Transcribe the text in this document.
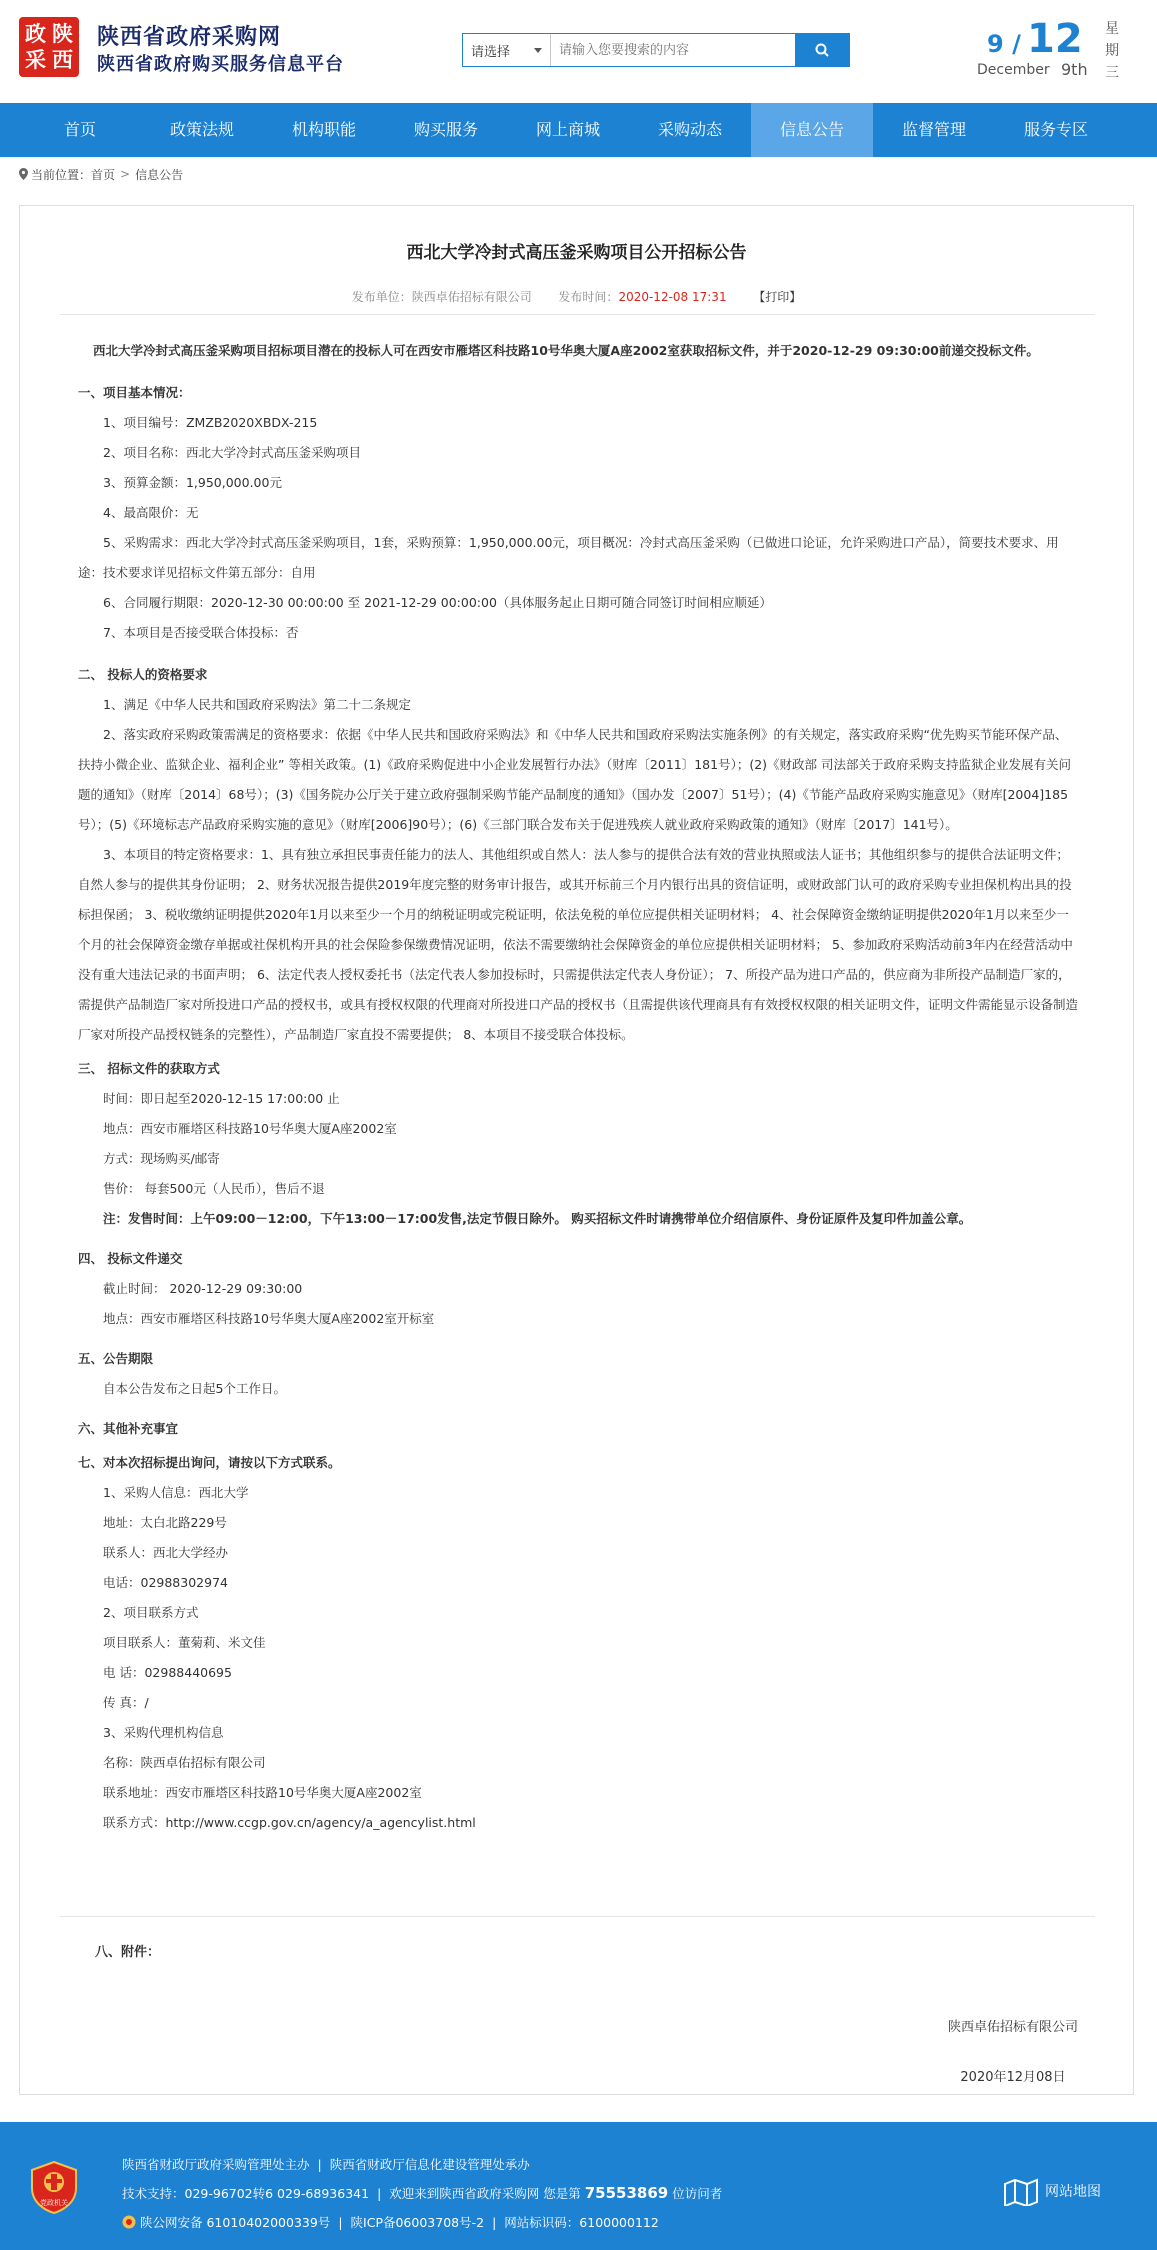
政 陕
采 西
陕西省政府采购网
陕西省政府购买服务信息平台
请选择
请输入您要搜索的内容	9 / 12
December 9th
星
期
三
首页	政策法规	机构职能	购买服务	网上商城	采购动态	信息公告	监督管理	服务专区
当前位置： 首页 > 信息公告
西北大学冷封式高压釜采购项目公开招标公告
发布单位：陕西卓佑招标有限公司 发布时间：2020-12-08 17:31 【打印】

西北大学冷封式高压釜采购项目招标项目潜在的投标人可在西安市雁塔区科技路10号华奥大厦A座2002室获取招标文件，并于2020-12-29 09:30:00前递交投标文件。

一、项目基本情况：

1、项目编号：ZMZB2020XBDX-215

2、项目名称：西北大学冷封式高压釜采购项目

3、预算金额：1,950,000.00元

4、最高限价：无

5、采购需求：西北大学冷封式高压釜采购项目，1套，采购预算：1,950,000.00元，项目概况：冷封式高压釜采购（已做进口论证，允许采购进口产品），简要技术要求、用途：技术要求详见招标文件第五部分：自用

6、合同履行期限：2020-12-30 00:00:00 至 2021-12-29 00:00:00（具体服务起止日期可随合同签订时间相应顺延）

7、本项目是否接受联合体投标：否

二、 投标人的资格要求

1、满足《中华人民共和国政府采购法》第二十二条规定

2、落实政府采购政策需满足的资格要求：依据《中华人民共和国政府采购法》和《中华人民共和国政府采购法实施条例》的有关规定，落实政府采购“优先购买节能环保产品、扶持小微企业、监狱企业、福利企业” 等相关政策。(1)《政府采购促进中小企业发展暂行办法》（财库〔2011〕181号）；(2)《财政部 司法部关于政府采购支持监狱企业发展有关问题的通知》（财库〔2014〕68号）；(3)《国务院办公厅关于建立政府强制采购节能产品制度的通知》（国办发〔2007〕51号）；(4)《节能产品政府采购实施意见》（财库[2004]185号）；(5)《环境标志产品政府采购实施的意见》（财库[2006]90号）；(6)《三部门联合发布关于促进残疾人就业政府采购政策的通知》（财库〔2017〕141号）。

3、本项目的特定资格要求：1、具有独立承担民事责任能力的法人、其他组织或自然人：法人参与的提供合法有效的营业执照或法人证书；其他组织参与的提供合法证明文件；自然人参与的提供其身份证明； 2、财务状况报告提供2019年度完整的财务审计报告，或其开标前三个月内银行出具的资信证明，或财政部门认可的政府采购专业担保机构出具的投标担保函； 3、税收缴纳证明提供2020年1月以来至少一个月的纳税证明或完税证明，依法免税的单位应提供相关证明材料； 4、社会保障资金缴纳证明提供2020年1月以来至少一个月的社会保障资金缴存单据或社保机构开具的社会保险参保缴费情况证明，依法不需要缴纳社会保障资金的单位应提供相关证明材料； 5、参加政府采购活动前3年内在经营活动中没有重大违法记录的书面声明； 6、法定代表人授权委托书（法定代表人参加投标时，只需提供法定代表人身份证）； 7、所投产品为进口产品的，供应商为非所投产品制造厂家的，需提供产品制造厂家对所投进口产品的授权书，或具有授权权限的代理商对所投进口产品的授权书（且需提供该代理商具有有效授权权限的相关证明文件，证明文件需能显示设备制造厂家对所投产品授权链条的完整性），产品制造厂家直投不需要提供； 8、本项目不接受联合体投标。

三、 招标文件的获取方式

时间：即日起至2020-12-15 17:00:00 止

地点：西安市雁塔区科技路10号华奥大厦A座2002室

方式：现场购买/邮寄

售价： 每套500元（人民币），售后不退

注：发售时间：上午09:00－12:00，下午13:00－17:00发售,法定节假日除外。 购买招标文件时请携带单位介绍信原件、身份证原件及复印件加盖公章。

四、 投标文件递交

截止时间： 2020-12-29 09:30:00

地点：西安市雁塔区科技路10号华奥大厦A座2002室开标室

五、公告期限

自本公告发布之日起5个工作日。

六、其他补充事宜

七、对本次招标提出询问，请按以下方式联系。

1、采购人信息：西北大学

地址：太白北路229号

联系人：西北大学经办

电话：02988302974

2、项目联系方式

项目联系人：董菊莉、米文佳

电 话：02988440695

传 真：/

3、采购代理机构信息

名称：陕西卓佑招标有限公司

联系地址：西安市雁塔区科技路10号华奥大厦A座2002室

联系方式：http://www.ccgp.gov.cn/agency/a_agencylist.html

八、附件：
陕西卓佑招标有限公司
2020年12月08日
党政机关
陕西省财政厅政府采购管理处主办 | 陕西省财政厅信息化建设管理处承办
技术支持：029-96702转6 029-68936341 | 欢迎来到陕西省政府采购网 您是第 75553869 位访问者
陕公网安备 61010402000339号 | 陕ICP备06003708号-2 | 网站标识码：6100000112
网站地图
